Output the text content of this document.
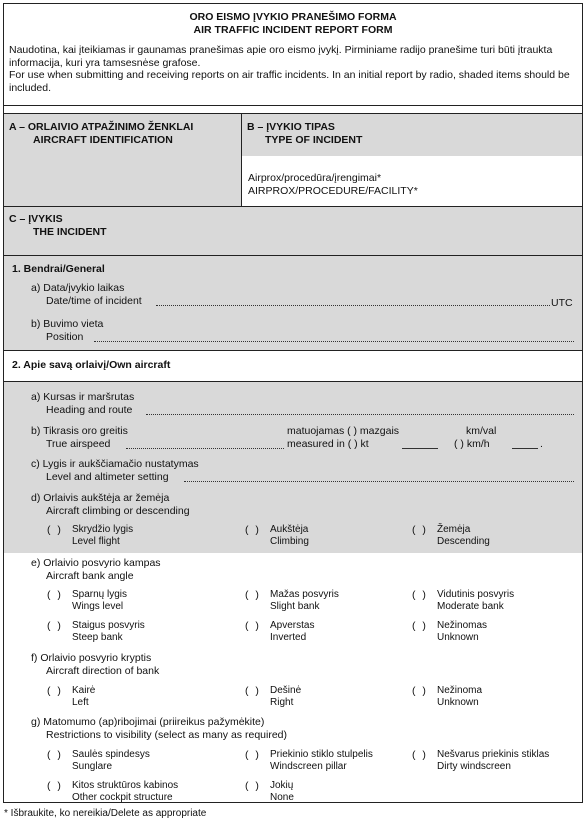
ORO EISMO ĮVYKIO PRANEŠIMO FORMA
AIR TRAFFIC INCIDENT REPORT FORM
Naudotina, kai įteikiamas ir gaunamas pranešimas apie oro eismo įvykį. Pirminiame radijo pranešime turi būti įtraukta informacija, kuri yra tamsesnėse grafose.
For use when submitting and receiving reports on air traffic incidents. In an initial report by radio, shaded items should be included.
A – ORLAIVIO ATPAŽINIMO ŽENKLAI
AIRCRAFT IDENTIFICATION
B – ĮVYKIO TIPAS
TYPE OF INCIDENT
Airprox/procedūra/įrengimai*
AIRPROX/PROCEDURE/FACILITY*
C – ĮVYKIS
THE INCIDENT
1. Bendrai/General
a) Data/įvykio laikas
Date/time of incident	UTC
b) Buvimo vieta
Position
2. Apie savą orlaivį/Own aircraft
a) Kursas ir maršrutas
Heading and route
b) Tikrasis oro greitis
True airspeed
matuojamas ( ) mazgais
measured in ( ) kt
km/val
( ) km/h	.
c) Lygis ir aukščiamačio nustatymas
Level and altimeter setting
d) Orlaivis aukštėja ar žemėja
Aircraft climbing or descending
( ) Skrydžio lygis
Level flight
( ) Aukštėja
Climbing
( ) Žemėja
Descending
e) Orlaivio posvyrio kampas
Aircraft bank angle
( ) Sparnų lygis
Wings level
( ) Mažas posvyris
Slight bank
( ) Vidutinis posvyris
Moderate bank
( ) Staigus posvyris
Steep bank
( ) Apverstas
Inverted
( ) Nežinomas
Unknown
f) Orlaivio posvyrio kryptis
Aircraft direction of bank
( ) Kairė
Left
( ) Dešinė
Right
( ) Nežinoma
Unknown
g) Matomumo (ap)ribojimai (priireikus pažymėkite)
Restrictions to visibility (select as many as required)
( ) Saulės spindesys
Sunglare
( ) Priekinio stiklo stulpelis
Windscreen pillar
( ) Nešvarus priekinis stiklas
Dirty windscreen
( ) Kitos struktūros kabinos
Other cockpit structure
( ) Jokių
None
* Išbraukite, ko nereikia/Delete as appropriate
